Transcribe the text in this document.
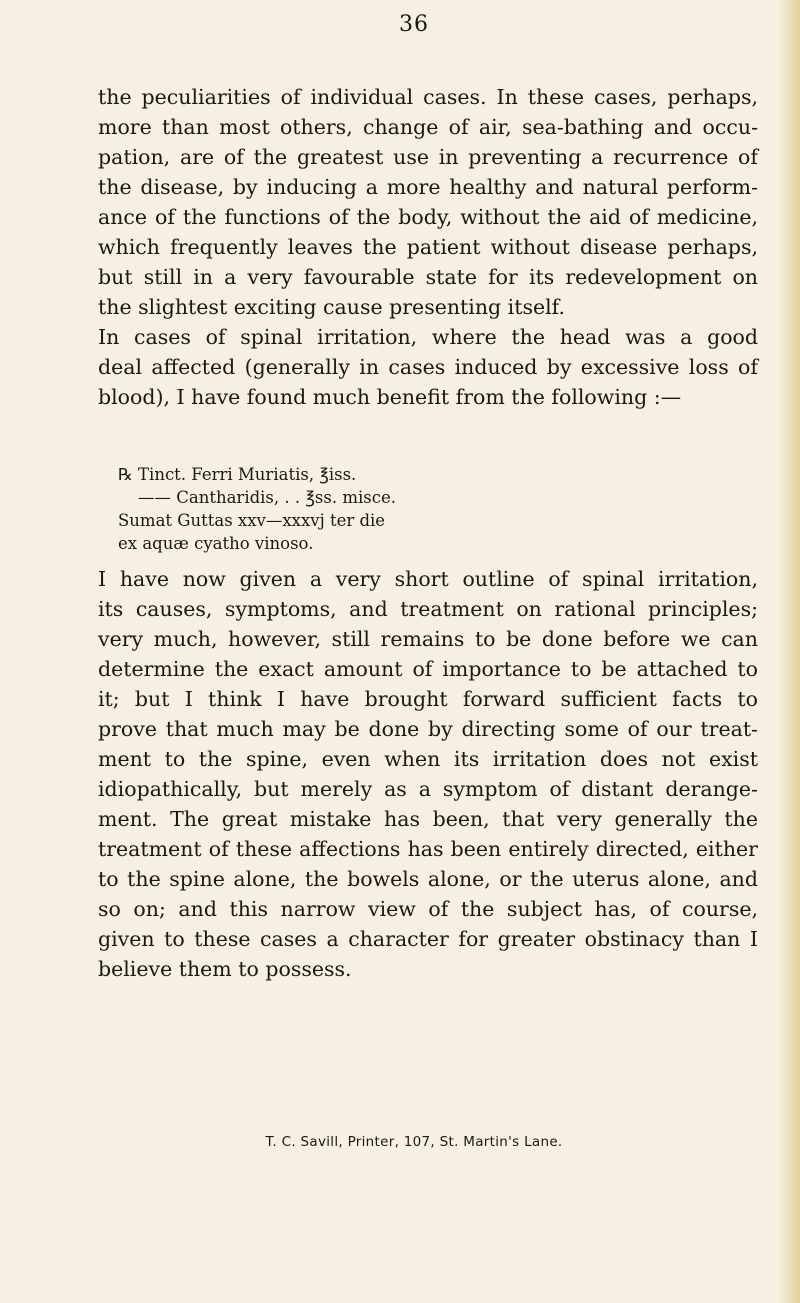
36
the peculiarities of individual cases. In these cases, perhaps,
more than most others, change of air, sea-bathing and occu-
pation, are of the greatest use in preventing a recurrence of
the disease, by inducing a more healthy and natural perform-
ance of the functions of the body, without the aid of medicine,
which frequently leaves the patient without disease perhaps,
but still in a very favourable state for its redevelopment on
the slightest exciting cause presenting itself.
In cases of spinal irritation, where the head was a good
deal affected (generally in cases induced by excessive loss of
blood), I have found much benefit from the following :—
℞ Tinct. Ferri Muriatis, ℥iss.
—— Cantharidis, . . ℥ss. misce.
Sumat Guttas xxv—xxxvj ter die
ex aquæ cyatho vinoso.
I have now given a very short outline of spinal irritation,
its causes, symptoms, and treatment on rational principles;
very much, however, still remains to be done before we can
determine the exact amount of importance to be attached to
it; but I think I have brought forward sufficient facts to
prove that much may be done by directing some of our treat-
ment to the spine, even when its irritation does not exist
idiopathically, but merely as a symptom of distant derange-
ment. The great mistake has been, that very generally the
treatment of these affections has been entirely directed, either
to the spine alone, the bowels alone, or the uterus alone, and
so on; and this narrow view of the subject has, of course,
given to these cases a character for greater obstinacy than I
believe them to possess.
T. C. Savill, Printer, 107, St. Martin's Lane.
